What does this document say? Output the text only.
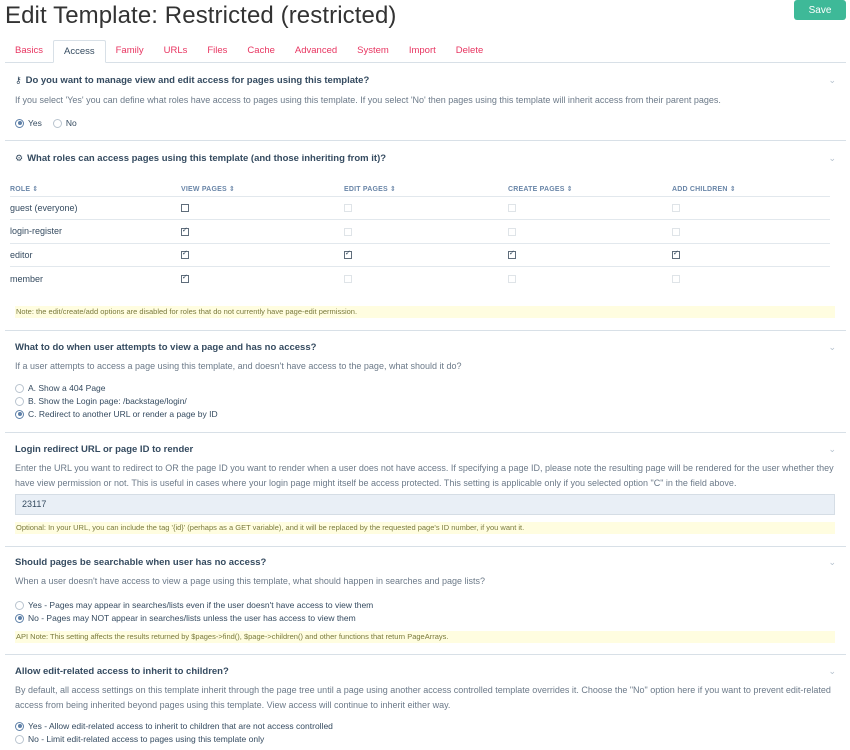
Edit Template: Restricted (restricted)	Save
Basics	Access	Family	URLs	Files	Cache	Advanced	System	Import	Delete
⚷ Do you want to manage view and edit access for pages using this template?	⌄
If you select 'Yes' you can define what roles have access to pages using this template. If you select 'No' then pages using this template will inherit access from their parent pages.
Yes	No
⚙ What roles can access pages using this template (and those inheriting from it)?	⌄
Note: the edit/create/add options are disabled for roles that do not currently have page-edit permission.
ROLE ⇕	VIEW PAGES ⇕	EDIT PAGES ⇕	CREATE PAGES ⇕	ADD CHILDREN ⇕
guest (everyone)				
login-register	✓			
editor	✓	✓	✓	✓
member	✓			
What to do when user attempts to view a page and has no access?	⌄
If a user attempts to access a page using this template, and doesn't have access to the page, what should it do?
A. Show a 404 Page
B. Show the Login page: /backstage/login/
C. Redirect to another URL or render a page by ID
Login redirect URL or page ID to render	⌄
Enter the URL you want to redirect to OR the page ID you want to render when a user does not have access. If specifying a page ID, please note the resulting page will be rendered for the user whether they have view permission or not. This is useful in cases where your login page might itself be access protected. This setting is applicable only if you selected option "C" in the field above.
23117
Optional: In your URL, you can include the tag '{id}' (perhaps as a GET variable), and it will be replaced by the requested page's ID number, if you want it.
Should pages be searchable when user has no access?	⌄
When a user doesn't have access to view a page using this template, what should happen in searches and page lists?
Yes - Pages may appear in searches/lists even if the user doesn't have access to view them
No - Pages may NOT appear in searches/lists unless the user has access to view them
API Note: This setting affects the results returned by $pages->find(), $page->children() and other functions that return PageArrays.
Allow edit-related access to inherit to children?	⌄
By default, all access settings on this template inherit through the page tree until a page using another access controlled template overrides it. Choose the "No" option here if you want to prevent edit-related access from being inherited beyond pages using this template. View access will continue to inherit either way.
Yes - Allow edit-related access to inherit to children that are not access controlled
No - Limit edit-related access to pages using this template only
